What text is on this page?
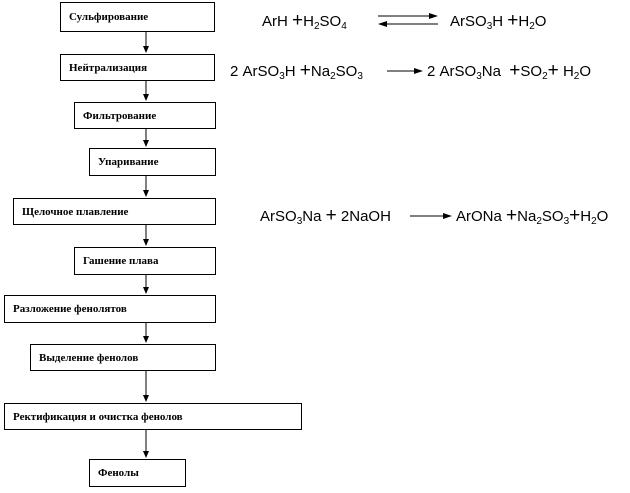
Сульфирование
Нейтрализация
Фильтрование
Упаривание
Щелочное плавление
Гашение плава
Разложение фенолятов
Выделение фенолов
Ректификация и очистка фенолов
Фенолы
ArH $+H_2SO_4$ ⇌ ArSO$_3$H $+H_2O$
2 ArSO$_3$H $+Na_2SO_3 \to 2$ ArSO$_3$Na $+SO_2+ H_2O$
ArSO$_3$Na + 2NaOH → ArONa $+Na_2SO_3+H_2O$
